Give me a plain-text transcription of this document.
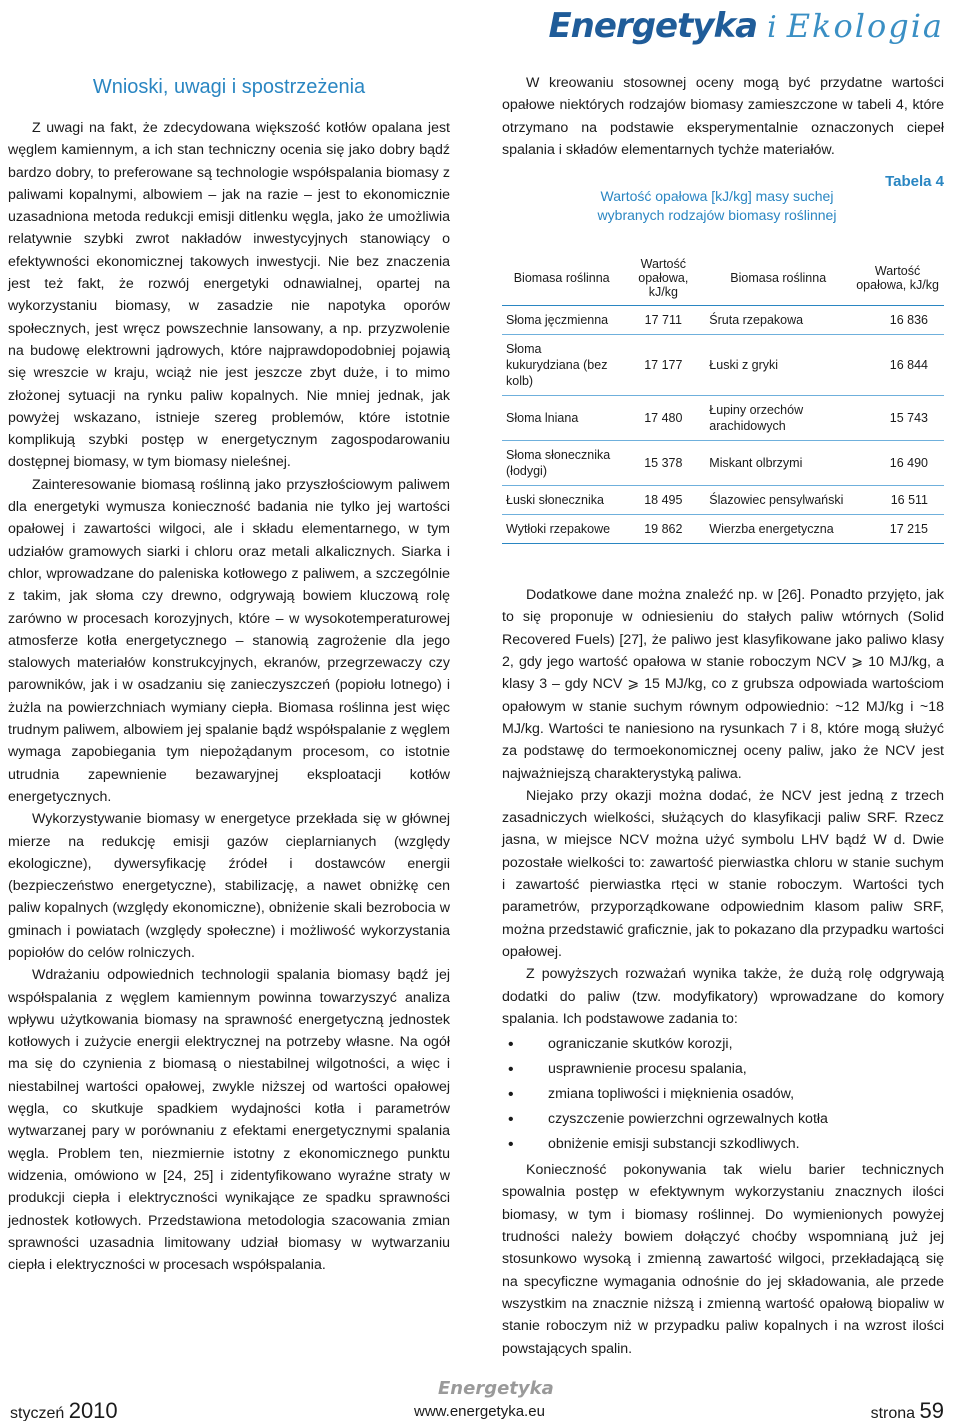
Energetyka i Ekologia
Wnioski, uwagi i spostrzeżenia

Z uwagi na fakt, że zdecydowana większość kotłów opalana jest węglem kamiennym, a ich stan techniczny ocenia się jako dobry bądź bardzo dobry, to preferowane są technologie współspalania biomasy z paliwami kopalnymi, albowiem – jak na razie – jest to ekonomicznie uzasadniona metoda redukcji emisji ditlenku węgla, jako że umożliwia relatywnie szybki zwrot nakładów inwestycyjnych stanowiący o efektywności ekonomicznej takowych inwestycji. Nie bez znaczenia jest też fakt, że rozwój energetyki odnawialnej, opartej na wykorzystaniu biomasy, w zasadzie nie napotyka oporów społecznych, jest wręcz powszechnie lansowany, a np. przyzwolenie na budowę elektrowni jądrowych, które najprawdopodobniej pojawią się wreszcie w kraju, wciąż nie jest jeszcze zbyt duże, i to mimo złożonej sytuacji na rynku paliw kopalnych. Nie mniej jednak, jak powyżej wskazano, istnieje szereg problemów, które istotnie komplikują szybki postęp w energetycznym zagospodarowaniu dostępnej biomasy, w tym biomasy nieleśnej.

Zainteresowanie biomasą roślinną jako przyszłościowym paliwem dla energetyki wymusza konieczność badania nie tylko jej wartości opałowej i zawartości wilgoci, ale i składu elementarnego, w tym udziałów gramowych siarki i chloru oraz metali alkalicznych. Siarka i chlor, wprowadzane do paleniska kotłowego z paliwem, a szczególnie z takim, jak słoma czy drewno, odgrywają bowiem kluczową rolę zarówno w procesach korozyjnych, które – w wysokotemperaturowej atmosferze kotła energetycznego – stanowią zagrożenie dla jego stalowych materiałów konstrukcyjnych, ekranów, przegrzewaczy czy parowników, jak i w osadzaniu się zanieczyszczeń (popiołu lotnego) i żużla na powierzchniach wymiany ciepła. Biomasa roślinna jest więc trudnym paliwem, albowiem jej spalanie bądź współspalanie z węglem wymaga zapobiegania tym niepożądanym procesom, co istotnie utrudnia zapewnienie bezawaryjnej eksploatacji kotłów energetycznych.

Wykorzystywanie biomasy w energetyce przekłada się w głównej mierze na redukcję emisji gazów cieplarnianych (względy ekologiczne), dywersyfikację źródeł i dostawców energii (bezpieczeństwo energetyczne), stabilizację, a nawet obniżkę cen paliw kopalnych (względy ekonomiczne), obniżenie skali bezrobocia w gminach i powiatach (względy społeczne) i możliwość wykorzystania popiołów do celów rolniczych.

Wdrażaniu odpowiednich technologii spalania biomasy bądź jej współspalania z węglem kamiennym powinna towarzyszyć analiza wpływu użytkowania biomasy na sprawność energetyczną jednostek kotłowych i zużycie energii elektrycznej na potrzeby własne. Na ogół ma się do czynienia z biomasą o niestabilnej wilgotności, a więc i niestabilnej wartości opałowej, zwykle niższej od wartości opałowej węgla, co skutkuje spadkiem wydajności kotła i parametrów wytwarzanej pary w porównaniu z efektami energetycznymi spalania węgla. Problem ten, niezmiernie istotny z ekonomicznego punktu widzenia, omówiono w [24, 25] i zidentyfikowano wyraźne straty w produkcji ciepła i elektryczności wynikające ze spadku sprawności jednostek kotłowych. Przedstawiona metodologia szacowania zmian sprawności uzasadnia limitowany udział biomasy w wytwarzaniu ciepła i elektryczności w procesach współspalania.

W kreowaniu stosownej oceny mogą być przydatne wartości opałowe niektórych rodzajów biomasy zamieszczone w tabeli 4, które otrzymano na podstawie eksperymentalnie oznaczonych ciepeł spalania i składów elementarnych tychże materiałów.

Wartość opałowa [kJ/kg] masy suchej
wybranych rodzajów biomasy roślinnej
Tabela 4
Biomasa roślinna	Wartość opałowa, kJ/kg	Biomasa roślinna	Wartość opałowa, kJ/kg
Słoma jęczmienna	17 711	Śruta rzepakowa	16 836
Słoma kukurydziana (bez kolb)	17 177	Łuski z gryki	16 844
Słoma lniana	17 480	Łupiny orzechów arachidowych	15 743
Słoma słonecznika (łodygi)	15 378	Miskant olbrzymi	16 490
Łuski słonecznika	18 495	Ślazowiec pensylwański	16 511
Wytłoki rzepakowe	19 862	Wierzba energetyczna	17 215

Dodatkowe dane można znaleźć np. w [26]. Ponadto przyjęto, jak to się proponuje w odniesieniu do stałych paliw wtórnych (Solid Recovered Fuels) [27], że paliwo jest klasyfikowane jako paliwo klasy 2, gdy jego wartość opałowa w stanie roboczym NCV ⩾ 10 MJ/kg, a klasy 3 – gdy NCV ⩾ 15 MJ/kg, co z grubsza odpowiada wartościom opałowym w stanie suchym równym odpowiednio: ~12 MJ/kg i ~18 MJ/kg. Wartości te naniesiono na rysunkach 7 i 8, które mogą służyć za podstawę do termoekonomicznej oceny paliw, jako że NCV jest najważniejszą charakterystyką paliwa.

Niejako przy okazji można dodać, że NCV jest jedną z trzech zasadniczych wielkości, służących do klasyfikacji paliw SRF. Rzecz jasna, w miejsce NCV można użyć symbolu LHV bądź W d. Dwie pozostałe wielkości to: zawartość pierwiastka chloru w stanie suchym i zawartość pierwiastka rtęci w stanie roboczym. Wartości tych parametrów, przyporządkowane odpowiednim klasom paliw SRF, można przedstawić graficznie, jak to pokazano dla przypadku wartości opałowej.

Z powyższych rozważań wynika także, że dużą rolę odgrywają dodatki do paliw (tzw. modyfikatory) wprowadzane do komory spalania. Ich podstawowe zadania to:

• ograniczanie skutków korozji,
• usprawnienie procesu spalania,
• zmiana topliwości i mięknienia osadów,
• czyszczenie powierzchni ogrzewalnych kotła
• obniżenie emisji substancji szkodliwych.

Konieczność pokonywania tak wielu barier technicznych spowalnia postęp w efektywnym wykorzystaniu znacznych ilości biomasy, w tym i biomasy roślinnej. Do wymienionych powyżej trudności należy bowiem dołączyć choćby wspomnianą już jej stosunkowo wysoką i zmienną zawartość wilgoci, przekładającą się na specyficzne wymagania odnośnie do jej składowania, ale przede wszystkim na znacznie niższą i zmienną wartość opałową biopaliw w stanie roboczym niż w przypadku paliw kopalnych i na wzrost ilości powstających spalin.

styczeń 2010
Energetyka
www.energetyka.eu	strona 59
